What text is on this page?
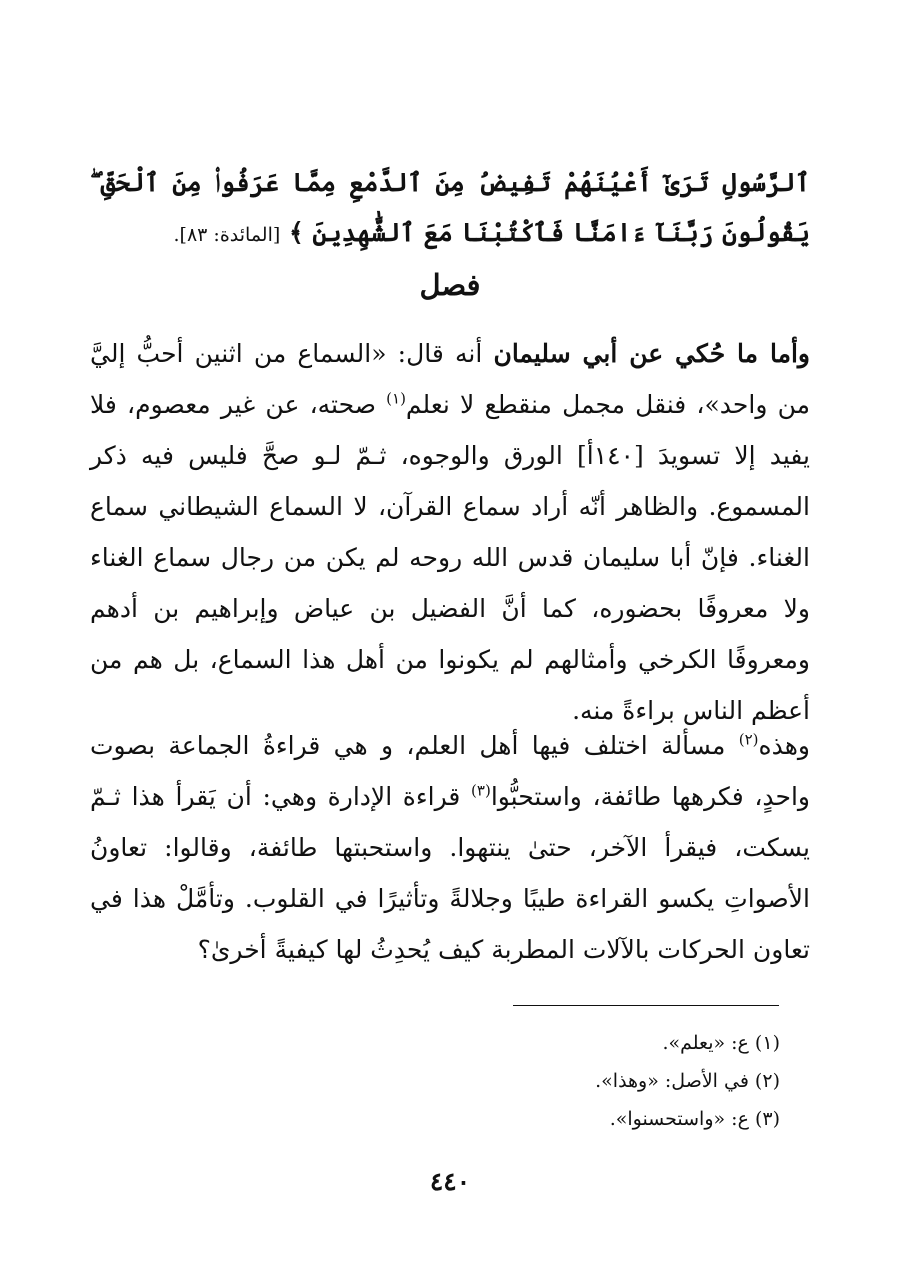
ٱلرَّسُولِ تَرَىٰٓ أَعْيُنَهُمْ تَفِيضُ مِنَ ٱلدَّمْعِ مِمَّا عَرَفُوا۟ مِنَ ٱلْحَقِّ ۖ يَقُولُونَ رَبَّنَآ ءَامَنَّا فَٱكْتُبْنَا مَعَ ٱلشَّٰهِدِينَ ﴾ [المائدة: ٨٣].

فصل

وأما ما حُكي عن أبي سليمان أنه قال: «السماع من اثنين أحبُّ إليَّ من واحد»، فنقل مجمل منقطع لا نعلم$^{(١)}$ صحته، عن غير معصوم، فلا يفيد إلا تسويدَ [١٤٠أ] الورق والوجوه، ثـمّ لـو صحَّ فليس فيه ذكر المسموع. والظاهر أنّه أراد سماع القرآن، لا السماع الشيطاني سماع الغناء. فإنّ أبا سليمان قدس الله روحه لم يكن من رجال سماع الغناء ولا معروفًا بحضوره، كما أنَّ الفضيل بن عياض وإبراهيم بن أدهم ومعروفًا الكرخي وأمثالهم لم يكونوا من أهل هذا السماع، بل هم من أعظم الناس براءةً منه.

وهذه$^{(٢)}$ مسألة اختلف فيها أهل العلم، و هي قراءةُ الجماعة بصوت واحدٍ، فكرهها طائفة، واستحبُّوا$^{(٣)}$ قراءة الإدارة وهي: أن يَقرأ هذا ثـمّ يسكت، فيقرأ الآخر، حتىٰ ينتهوا. واستحبتها طائفة، وقالوا: تعاونُ الأصواتِ يكسو القراءة طيبًا وجلالةً وتأثيرًا في القلوب. وتأمَّلْ هذا في تعاون الحركات بالآلات المطربة كيف يُحدِثُ لها كيفيةً أخرىٰ؟

(١) ع: «يعلم».
(٢) في الأصل: «وهذا».
(٣) ع: «واستحسنوا».
٤٤٠
